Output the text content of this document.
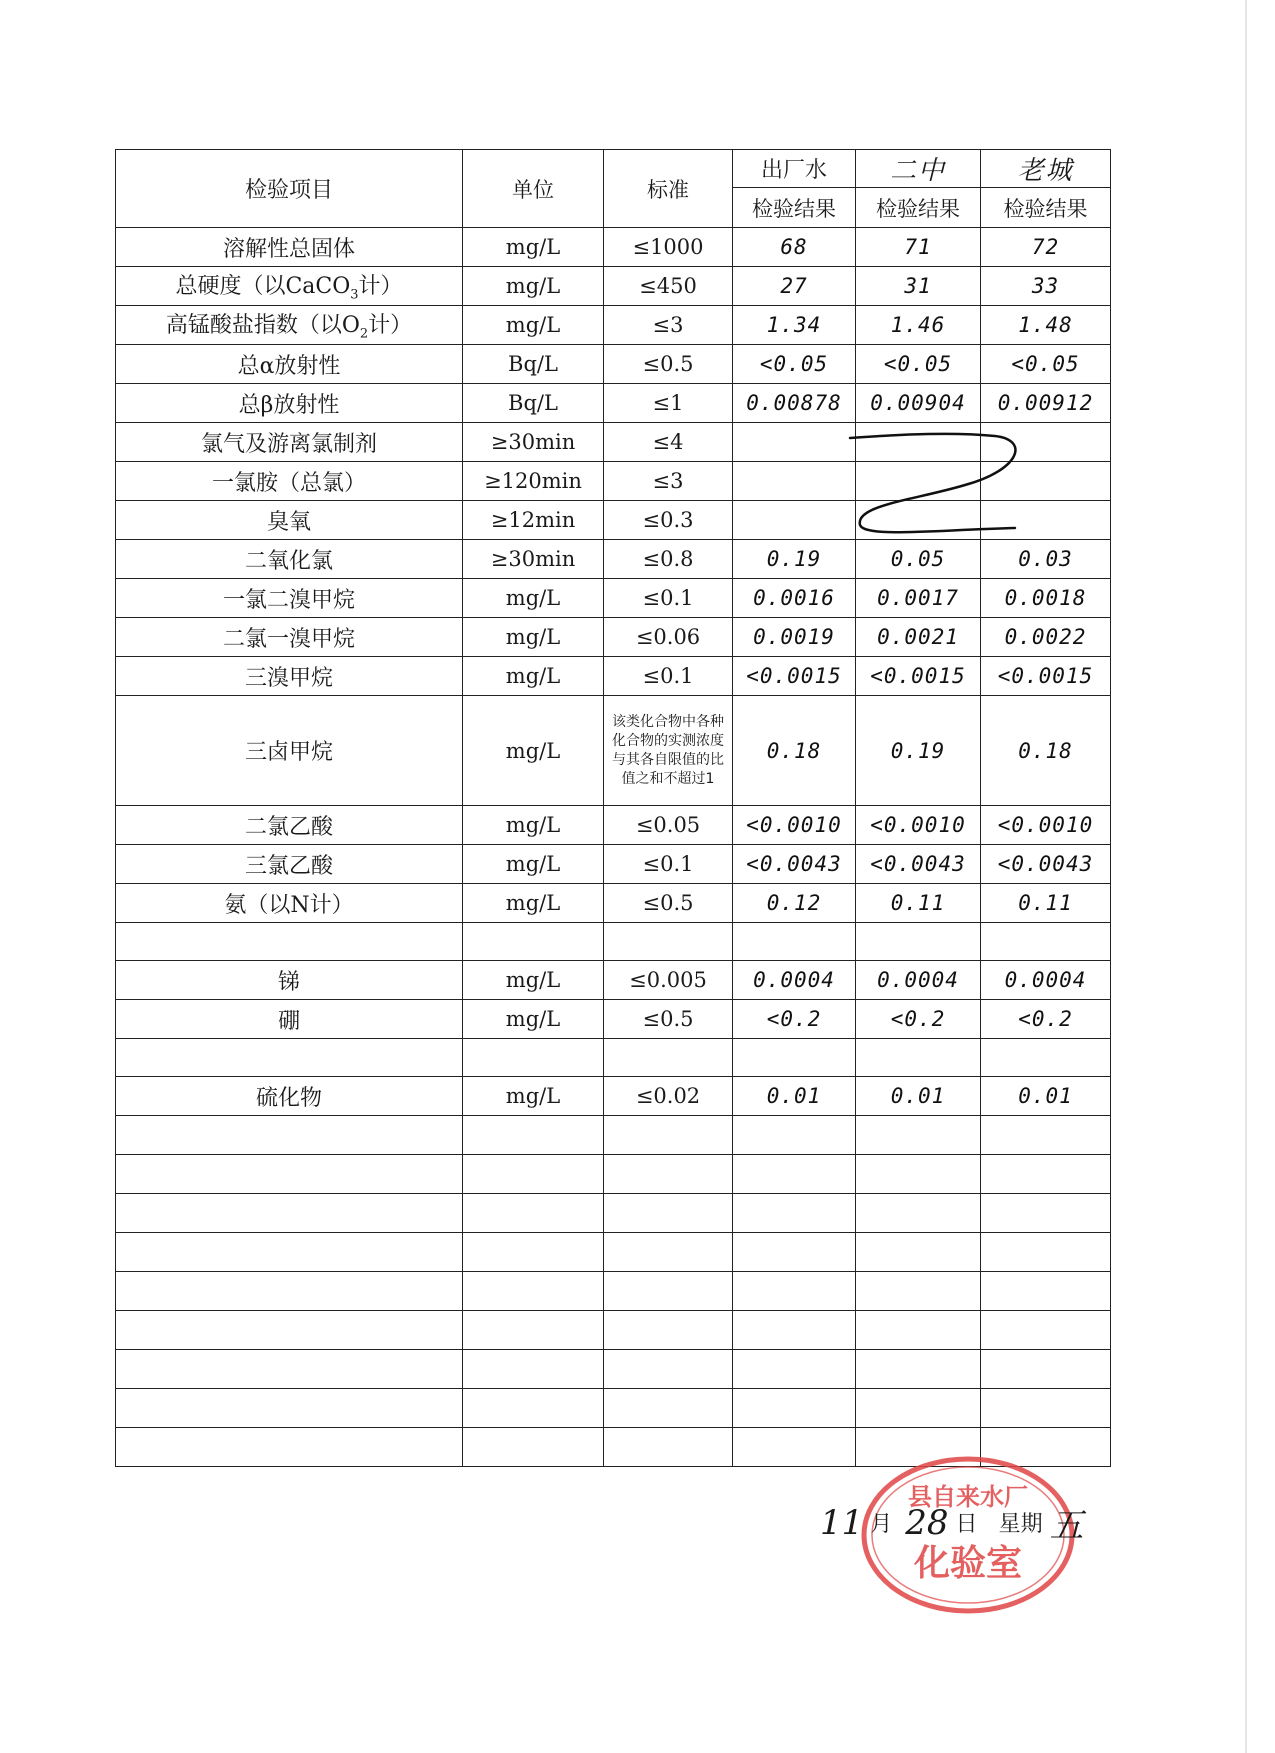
检验项目	单位	标准	出厂水	二中	老城
			检验结果	检验结果	检验结果
溶解性总固体	mg/L	≤1000	68	71	72
总硬度（以CaCO$_3$计）	mg/L	≤450	27	31	33
高锰酸盐指数（以$O_2$计）	mg/L	≤3	1.34	1.46	1.48
总α放射性	Bq/L	≤0.5	<0.05	<0.05	<0.05
总β放射性	Bq/L	≤1	0.00878	0.00904	0.00912
氯气及游离氯制剂	≥30min	≤4			
一氯胺（总氯）	≥120min	≤3			
臭氧	≥12min	≤0.3			
二氧化氯	≥30min	≤0.8	0.19	0.05	0.03
一氯二溴甲烷	mg/L	≤0.1	0.0016	0.0017	0.0018
二氯一溴甲烷	mg/L	≤0.06	0.0019	0.0021	0.0022
三溴甲烷	mg/L	≤0.1	<0.0015	<0.0015	<0.0015
三卤甲烷	mg/L	该类化合物中各种化合物的实测浓度与其各自限值的比值之和不超过1	0.18	0.19	0.18
二氯乙酸	mg/L	≤0.05	<0.0010	<0.0010	<0.0010
三氯乙酸	mg/L	≤0.1	<0.0043	<0.0043	<0.0043
氨（以N计）	mg/L	≤0.5	0.12	0.11	0.11

锑	mg/L	≤0.005	0.0004	0.0004	0.0004
硼	mg/L	≤0.5	<0.2	<0.2	<0.2

硫化物	mg/L	≤0.02	0.01	0.01	0.01

县自来水厂
化验室
11 月 28 日 星期 五
